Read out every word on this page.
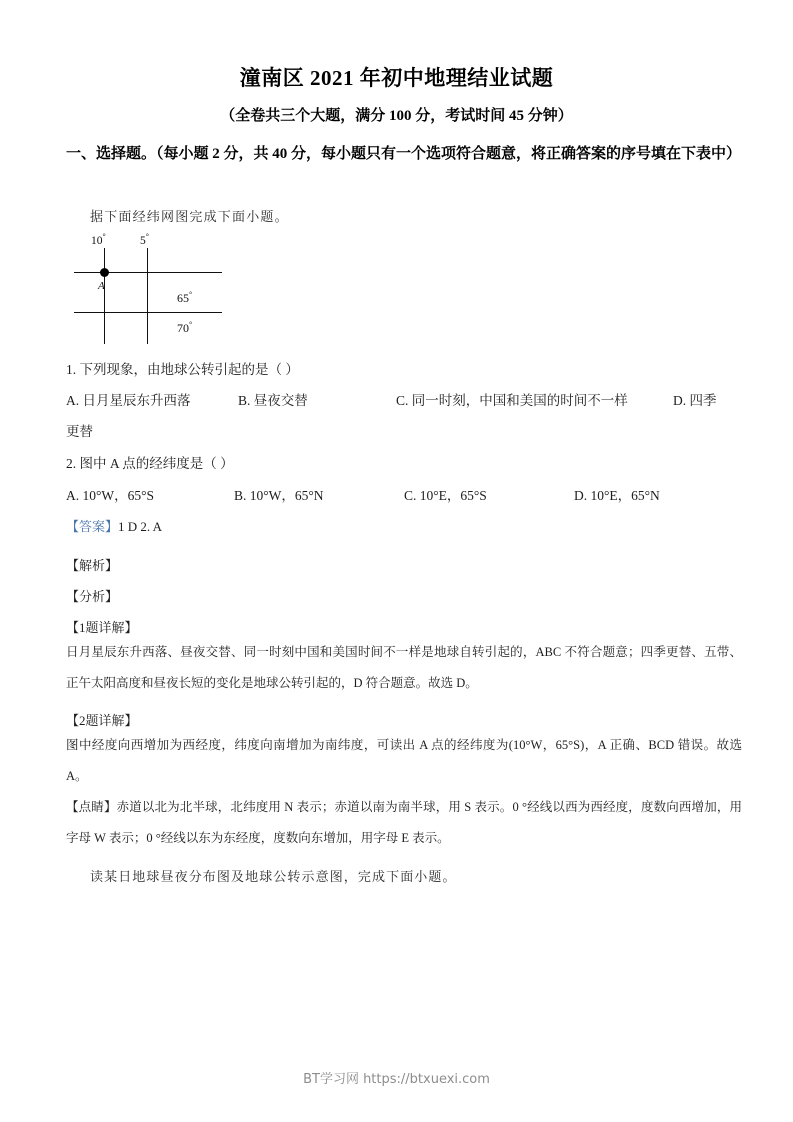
潼南区 2021 年初中地理结业试题
（全卷共三个大题，满分 100 分，考试时间 45 分钟）
一、选择题。（每小题 2 分，共 40 分，每小题只有一个选项符合题意，将正确答案的序号填在下表中）
据下面经纬网图完成下面小题。
10°	5°
A
65°
70°
1. 下列现象，由地球公转引起的是（ ）
A. 日月星辰东升西落	B. 昼夜交替	C. 同一时刻，中国和美国的时间不一样	D. 四季
更替
2. 图中 A 点的经纬度是（ ）
A. 10°W，65°S	B. 10°W，65°N	C. 10°E，65°S	D. 10°E，65°N
【答案】1 D 2. A
【解析】
【分析】
【1题详解】
日月星辰东升西落、昼夜交替、同一时刻中国和美国时间不一样是地球自转引起的，ABC 不符合题意；四季更替、五带、正午太阳高度和昼夜长短的变化是地球公转引起的，D 符合题意。故选 D。
【2题详解】
图中经度向西增加为西经度，纬度向南增加为南纬度，可读出 A 点的经纬度为(10°W，65°S)，A 正确、BCD 错误。故选 A。
【点睛】赤道以北为北半球，北纬度用 N 表示；赤道以南为南半球，用 S 表示。0 °经线以西为西经度，度数向西增加，用字母 W 表示；0 °经线以东为东经度，度数向东增加，用字母 E 表示。
读某日地球昼夜分布图及地球公转示意图，完成下面小题。
BT学习网 https://btxuexi.com
